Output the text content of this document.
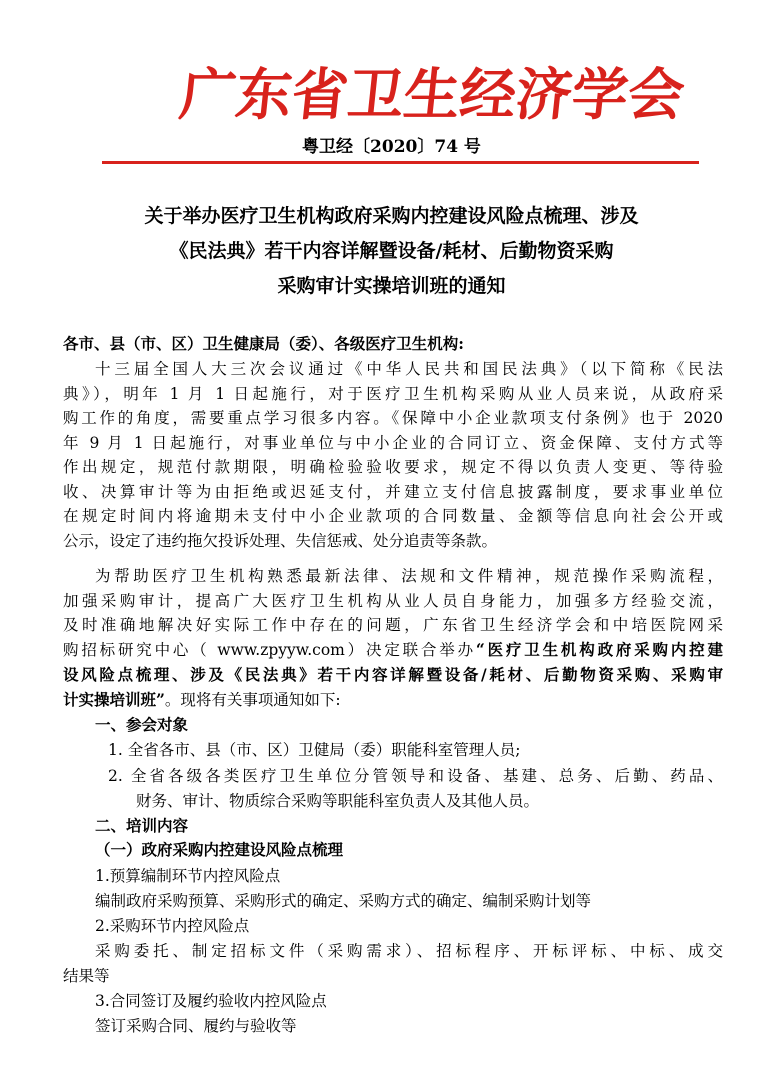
广
东
省
卫
生
经
济
学
会
粤卫经〔2020〕74 号
关于举办医疗卫生机构政府采购内控建设风险点梳理、涉及
《民法典》若干内容详解暨设备/耗材、后勤物资采购
采购审计实操培训班的通知
各市、县（市、区）卫生健康局（委）、各级医疗卫生机构:
十三届全国人大三次会议通过《中华人民共和国民法典》（以下简称《民法
典》），明年 1 月 1 日起施行，对于医疗卫生机构采购从业人员来说，从政府采
购工作的角度，需要重点学习很多内容。《保障中小企业款项支付条例》也于 2020
年 9 月 1 日起施行，对事业单位与中小企业的合同订立、资金保障、支付方式等
作出规定，规范付款期限，明确检验验收要求，规定不得以负责人变更、等待验
收、决算审计等为由拒绝或迟延支付，并建立支付信息披露制度，要求事业单位
在规定时间内将逾期未支付中小企业款项的合同数量、金额等信息向社会公开或
公示，设定了违约拖欠投诉处理、失信惩戒、处分追责等条款。
为帮助医疗卫生机构熟悉最新法律、法规和文件精神，规范操作采购流程，
加强采购审计，提高广大医疗卫生机构从业人员自身能力，加强多方经验交流，
及时准确地解决好实际工作中存在的问题，广东省卫生经济学会和中培医院网采
购招标研究中心（ www.zpyyw.com）决定联合举办“医疗卫生机构政府采购内控建
设风险点梳理、涉及《民法典》若干内容详解暨设备/耗材、后勤物资采购、采购审
计实操培训班”。现将有关事项通知如下:
一、参会对象
1. 全省各市、县（市、区）卫健局（委）职能科室管理人员;
2. 全省各级各类医疗卫生单位分管领导和设备、基建、总务、后勤、药品、
财务、审计、物质综合采购等职能科室负责人及其他人员。
二、培训内容
（一）政府采购内控建设风险点梳理
1.预算编制环节内控风险点
编制政府采购预算、采购形式的确定、采购方式的确定、编制采购计划等
2.采购环节内控风险点
采购委托、制定招标文件（采购需求）、招标程序、开标评标、中标、成交
结果等
3.合同签订及履约验收内控风险点
签订采购合同、履约与验收等
